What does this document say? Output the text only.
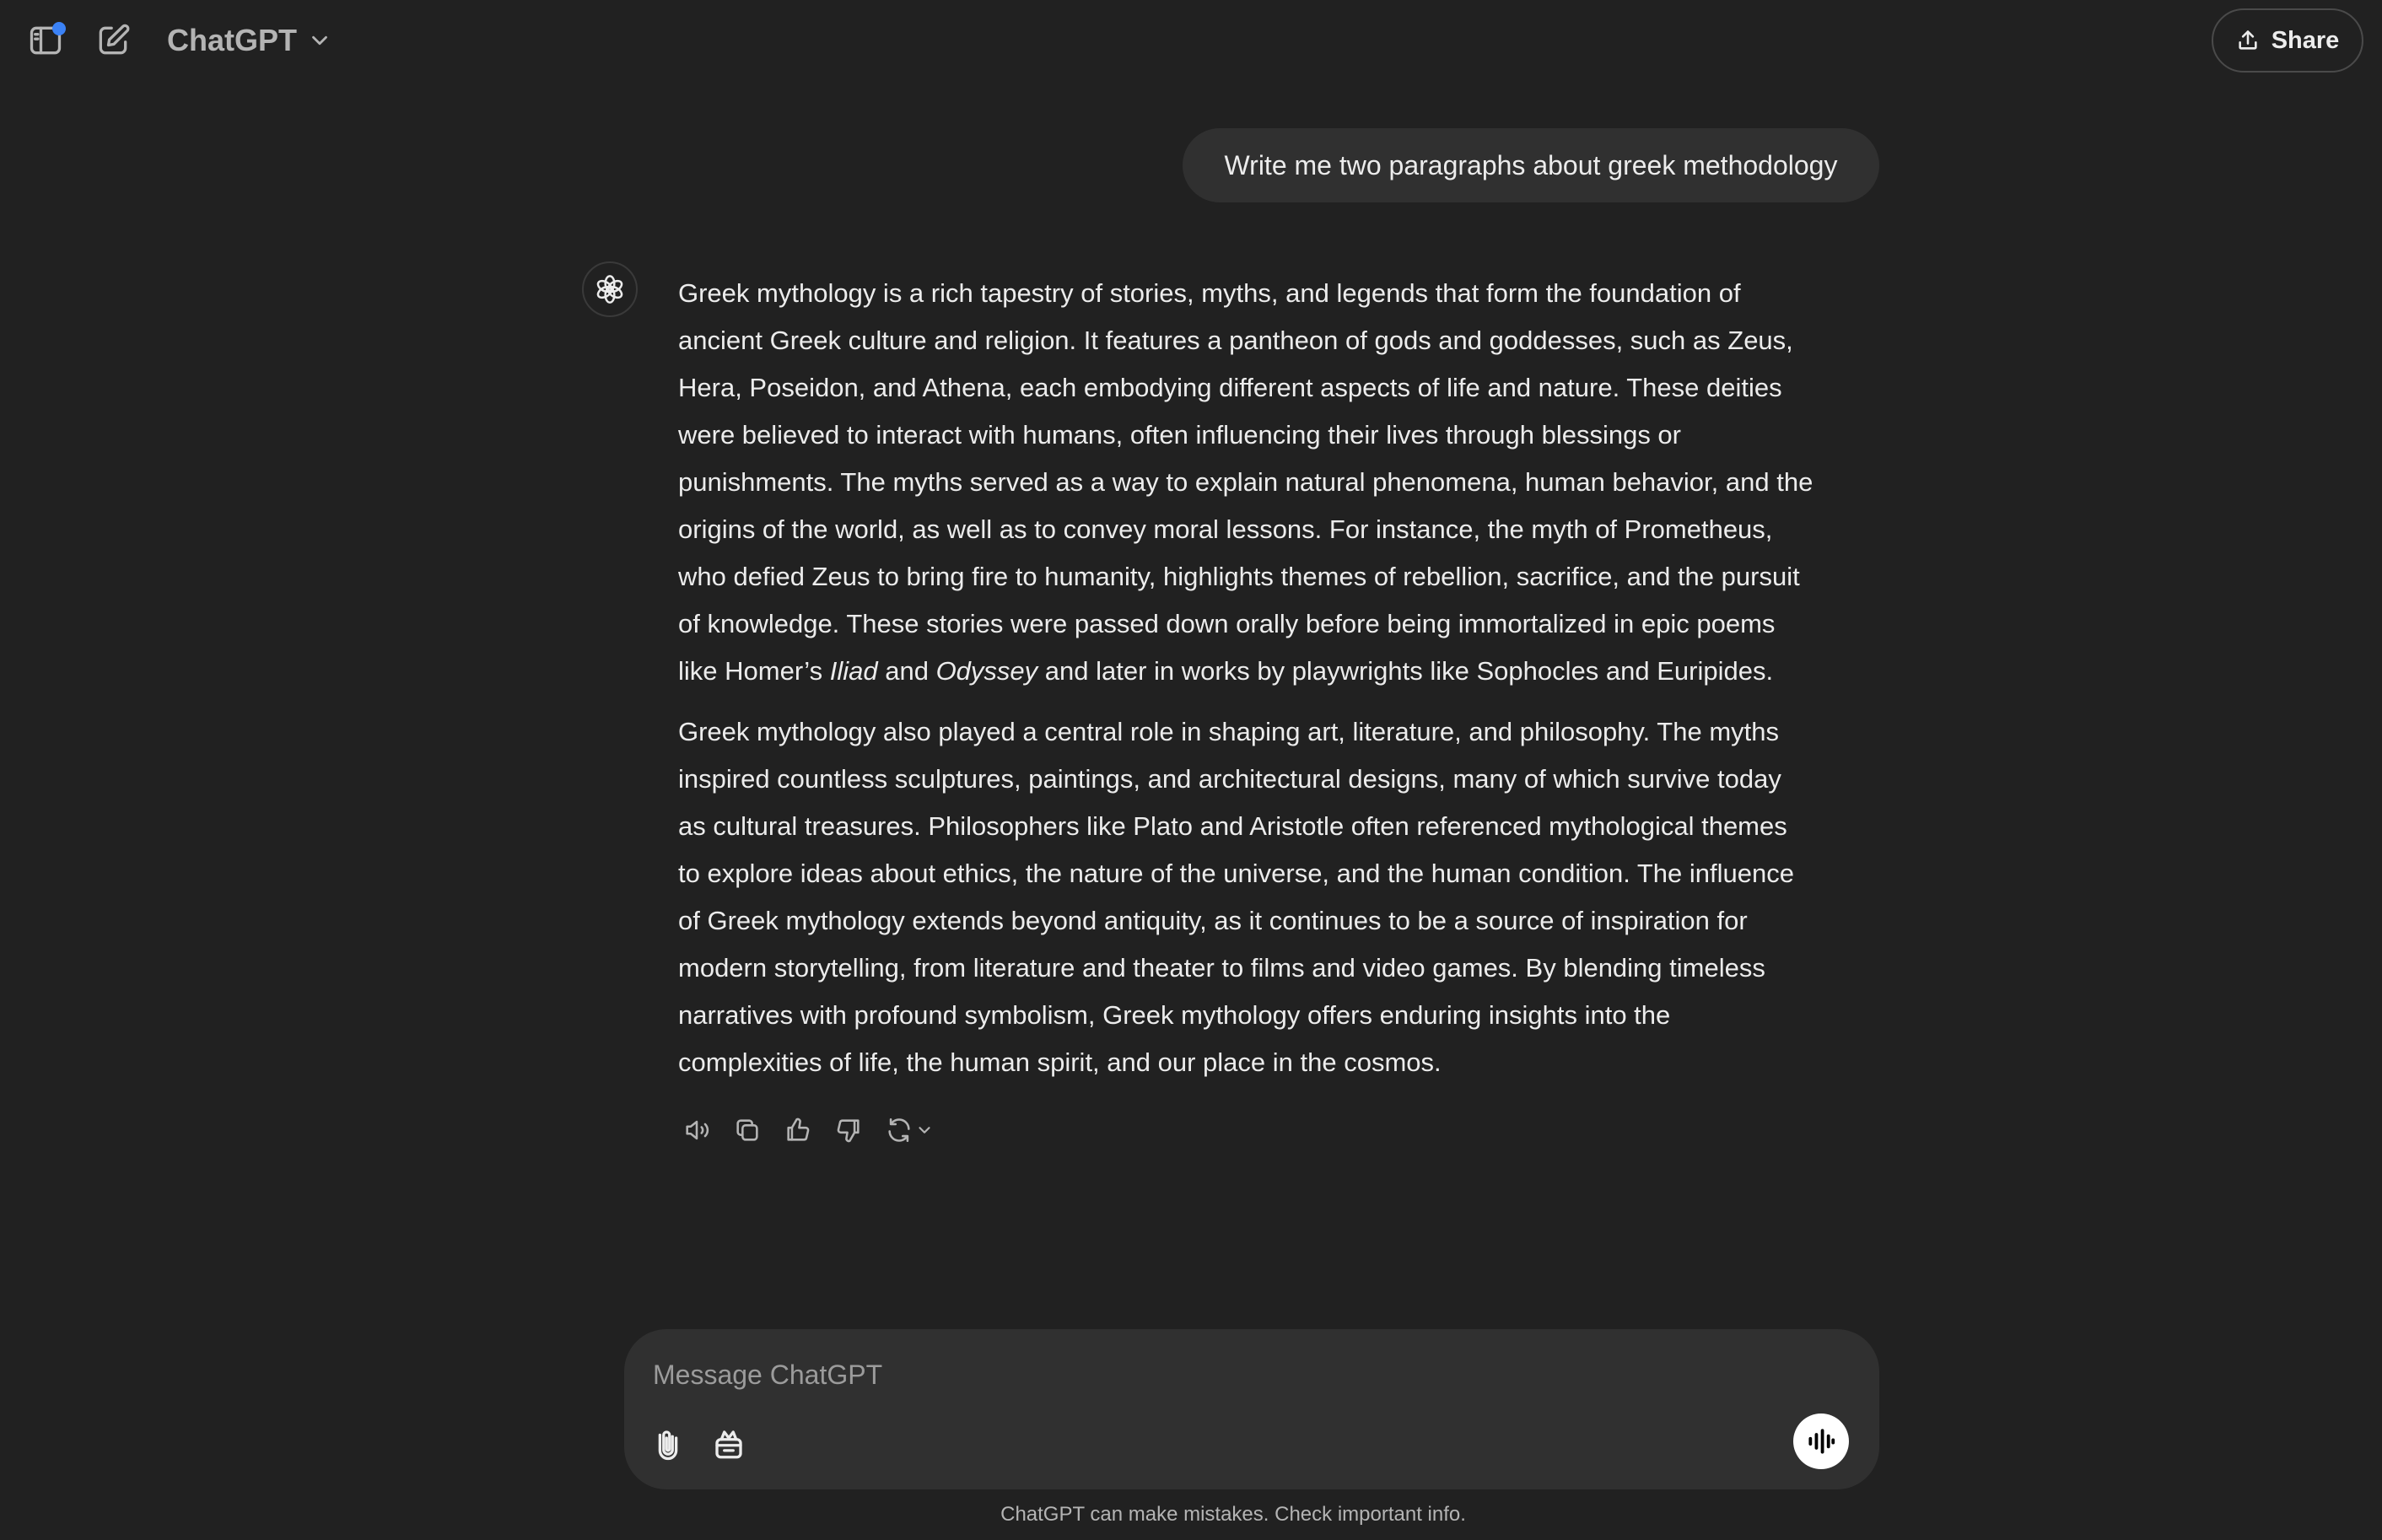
ChatGPT	Share
Write me two paragraphs about greek methodology

Greek mythology is a rich tapestry of stories, myths, and legends that form the foundation of
ancient Greek culture and religion. It features a pantheon of gods and goddesses, such as Zeus,
Hera, Poseidon, and Athena, each embodying different aspects of life and nature. These deities
were believed to interact with humans, often influencing their lives through blessings or
punishments. The myths served as a way to explain natural phenomena, human behavior, and the
origins of the world, as well as to convey moral lessons. For instance, the myth of Prometheus,
who defied Zeus to bring fire to humanity, highlights themes of rebellion, sacrifice, and the pursuit
of knowledge. These stories were passed down orally before being immortalized in epic poems
like Homer’s Iliad and Odyssey and later in works by playwrights like Sophocles and Euripides.

Greek mythology also played a central role in shaping art, literature, and philosophy. The myths
inspired countless sculptures, paintings, and architectural designs, many of which survive today
as cultural treasures. Philosophers like Plato and Aristotle often referenced mythological themes
to explore ideas about ethics, the nature of the universe, and the human condition. The influence
of Greek mythology extends beyond antiquity, as it continues to be a source of inspiration for
modern storytelling, from literature and theater to films and video games. By blending timeless
narratives with profound symbolism, Greek mythology offers enduring insights into the
complexities of life, the human spirit, and our place in the cosmos.

Message ChatGPT
ChatGPT can make mistakes. Check important info.
